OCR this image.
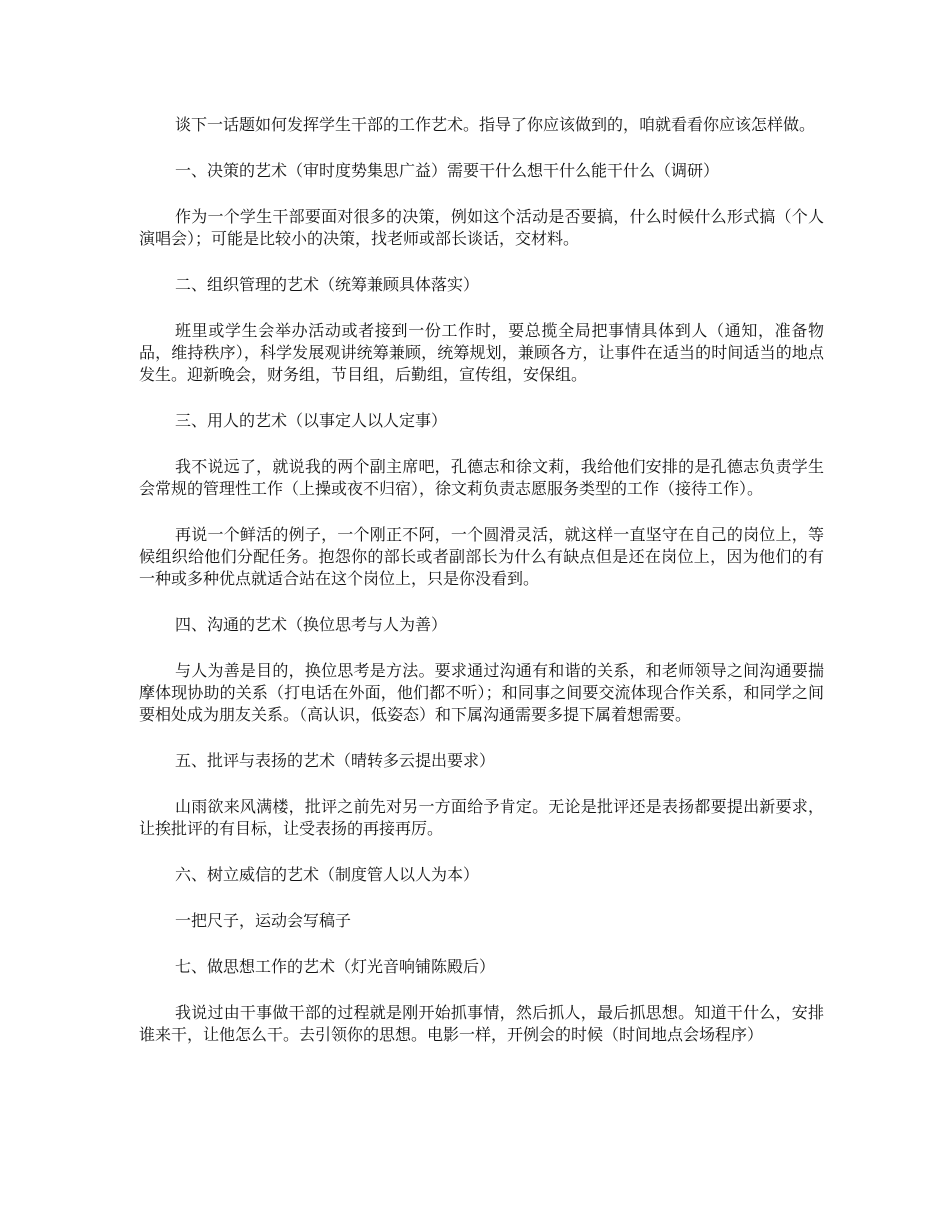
谈下一话题如何发挥学生干部的工作艺术。指导了你应该做到的，咱就看看你应该怎样做。

一、决策的艺术（审时度势集思广益）需要干什么想干什么能干什么（调研）

作为一个学生干部要面对很多的决策，例如这个活动是否要搞，什么时候什么形式搞（个人演唱会）；可能是比较小的决策，找老师或部长谈话，交材料。

二、组织管理的艺术（统筹兼顾具体落实）

班里或学生会举办活动或者接到一份工作时，要总揽全局把事情具体到人（通知，准备物品，维持秩序），科学发展观讲统筹兼顾，统筹规划，兼顾各方，让事件在适当的时间适当的地点发生。迎新晚会，财务组，节目组，后勤组，宣传组，安保组。

三、用人的艺术（以事定人以人定事）

我不说远了，就说我的两个副主席吧，孔德志和徐文莉，我给他们安排的是孔德志负责学生会常规的管理性工作（上操或夜不归宿），徐文莉负责志愿服务类型的工作（接待工作）。

再说一个鲜活的例子，一个刚正不阿，一个圆滑灵活，就这样一直坚守在自己的岗位上，等候组织给他们分配任务。抱怨你的部长或者副部长为什么有缺点但是还在岗位上，因为他们的有一种或多种优点就适合站在这个岗位上，只是你没看到。

四、沟通的艺术（换位思考与人为善）

与人为善是目的，换位思考是方法。要求通过沟通有和谐的关系，和老师领导之间沟通要揣摩体现协助的关系（打电话在外面，他们都不听）；和同事之间要交流体现合作关系，和同学之间要相处成为朋友关系。（高认识，低姿态）和下属沟通需要多提下属着想需要。

五、批评与表扬的艺术（晴转多云提出要求）

山雨欲来风满楼，批评之前先对另一方面给予肯定。无论是批评还是表扬都要提出新要求，让挨批评的有目标，让受表扬的再接再厉。

六、树立威信的艺术（制度管人以人为本）

一把尺子，运动会写稿子

七、做思想工作的艺术（灯光音响铺陈殿后）

我说过由干事做干部的过程就是刚开始抓事情，然后抓人，最后抓思想。知道干什么，安排谁来干，让他怎么干。去引领你的思想。电影一样，开例会的时候（时间地点会场程序）
